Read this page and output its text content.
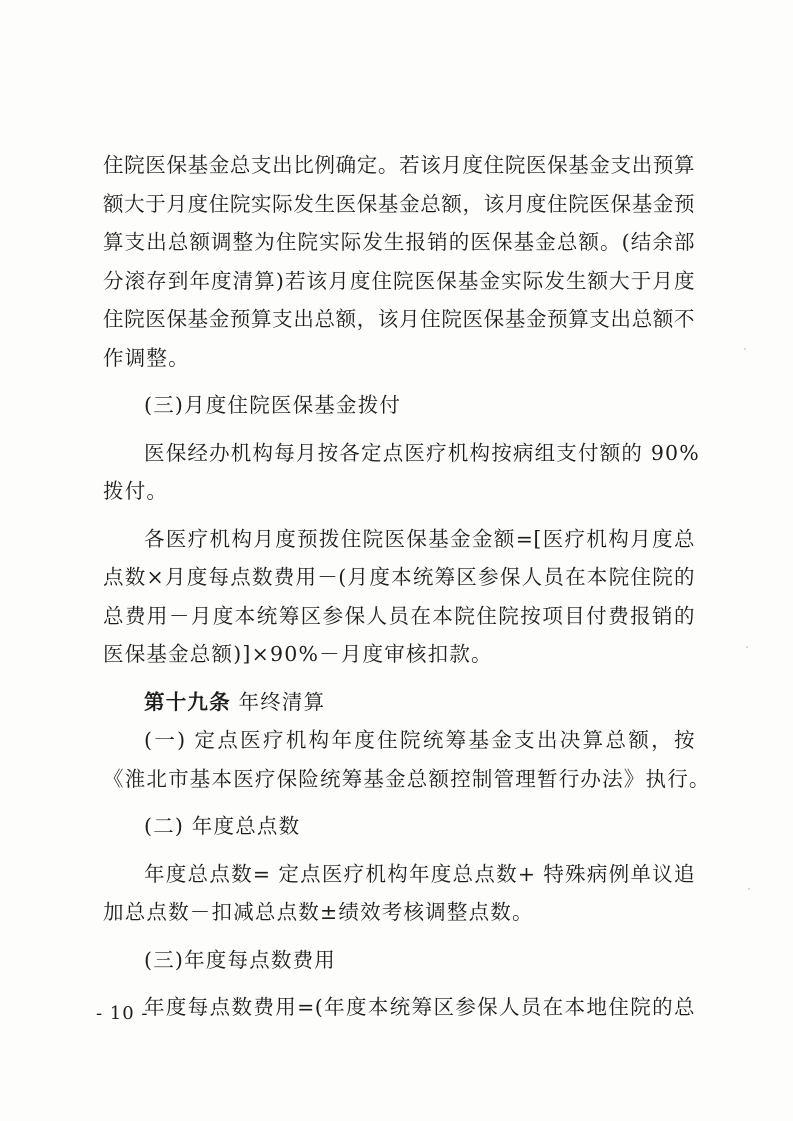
住院医保基金总支出比例确定。若该月度住院医保基金支出预算
额大于月度住院实际发生医保基金总额，该月度住院医保基金预
算支出总额调整为住院实际发生报销的医保基金总额。(结余部
分滚存到年度清算)若该月度住院医保基金实际发生额大于月度
住院医保基金预算支出总额，该月住院医保基金预算支出总额不
作调整。
(三)月度住院医保基金拨付
医保经办机构每月按各定点医疗机构按病组支付额的 90%
拨付。
各医疗机构月度预拨住院医保基金金额=[医疗机构月度总
点数×月度每点数费用－(月度本统筹区参保人员在本院住院的
总费用－月度本统筹区参保人员在本院住院按项目付费报销的
医保基金总额)]×90%－月度审核扣款。
第十九条 年终清算
(一) 定点医疗机构年度住院统筹基金支出决算总额，按
《淮北市基本医疗保险统筹基金总额控制管理暂行办法》执行。
(二) 年度总点数
年度总点数= 定点医疗机构年度总点数+ 特殊病例单议追
加总点数－扣减总点数±绩效考核调整点数。
(三)年度每点数费用
年度每点数费用=(年度本统筹区参保人员在本地住院的总
- 10 -
